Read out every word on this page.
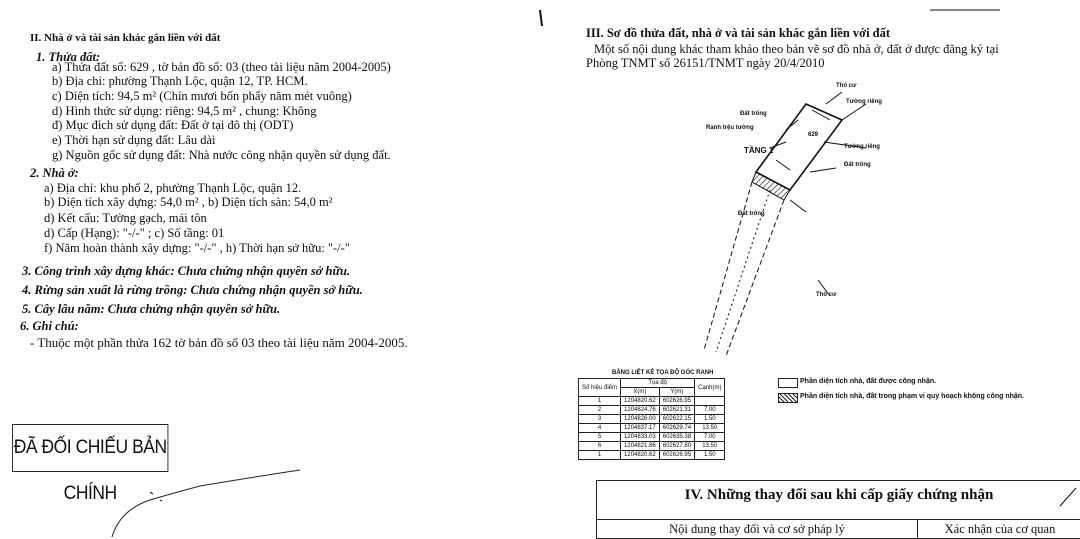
II. Nhà ở và tài sản khác gắn liền với đất
1. Thửa đất:
a) Thửa đất số: 629 , tờ bản đồ số: 03 (theo tài liệu năm 2004-2005)
b) Địa chỉ: phường Thạnh Lộc, quận 12, TP. HCM.
c) Diện tích: 94,5 m² (Chín mươi bốn phẩy năm mét vuông)
d) Hình thức sử dụng: riêng: 94,5 m² , chung: Không
đ) Mục đích sử dụng đất: Đất ở tại đô thị (ODT)
e) Thời hạn sử dụng đất: Lâu dài
g) Nguồn gốc sử dụng đất: Nhà nước công nhận quyền sử dụng đất.
2. Nhà ở:
a) Địa chỉ: khu phố 2, phường Thạnh Lộc, quận 12.
b) Diện tích xây dựng: 54,0 m² , b) Diện tích sàn: 54,0 m²
d) Kết cấu: Tường gạch, mái tôn
d) Cấp (Hạng): "-/-" ; c) Số tầng: 01
f) Năm hoàn thành xây dựng: "-/-" , h) Thời hạn sở hữu: "-/-"
3. Công trình xây dựng khác: Chưa chứng nhận quyền sở hữu.
4. Rừng sản xuất là rừng trồng: Chưa chứng nhận quyền sở hữu.
5. Cây lâu năm: Chưa chứng nhận quyền sở hữu.
6. Ghi chú:
- Thuộc một phần thửa 162 tờ bản đồ số 03 theo tài liệu năm 2004-2005.
ĐÃ ĐỐI CHIẾU BẢN CHÍNH
III. Sơ đồ thửa đất, nhà ở và tài sản khác gắn liền với đất
Một số nội dung khác tham khảo theo bản vẽ sơ đồ nhà ở, đất ở được đăng ký tại
Phòng TNMT số 26151/TNMT ngày 20/4/2010
Thổ cư
Tường riêng
Đất trống
Ranh trệu tường
Tường riêng
TẦNG 1
Đất trống
Đất trống
Thổ cư
629
BẢNG LIỆT KÊ TỌA ĐỘ GÓC RANH
Số hiệu điểm	Tọa độ		Cạnh(m)
	X(m)	Y(m)	
1	1204820.62	602626.95	
2	1204824.76	602621.31	7.00
3	1204826.00	602622.15	1.50
4	1204837.17	602629.74	13.50
5	1204833.03	602635.38	7.00
6	1204821.86	602627.80	13.50
1	1204820.62	602626.95	1.50
Phần diện tích nhà, đất được công nhận.
Phần diện tích nhà, đất trong phạm vi quy hoạch không công nhận.
IV. Những thay đổi sau khi cấp giấy chứng nhận
Nội dung thay đổi và cơ sở pháp lý	Xác nhận của cơ quan
